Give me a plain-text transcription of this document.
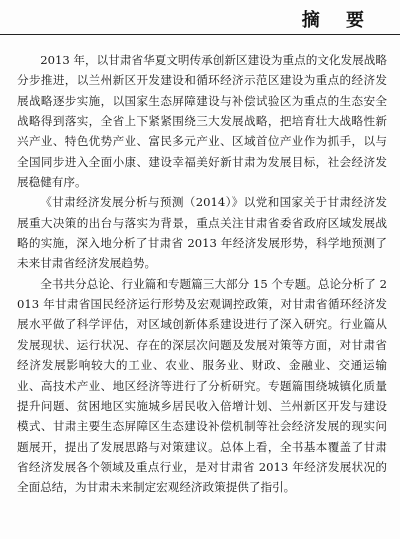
摘 要

2013 年，以甘肃省华夏文明传承创新区建设为重点的文化发展战略分步推进，以兰州新区开发建设和循环经济示范区建设为重点的经济发展战略逐步实施，以国家生态屏障建设与补偿试验区为重点的生态安全战略得到落实，全省上下紧紧围绕三大发展战略，把培育壮大战略性新兴产业、特色优势产业、富民多元产业、区域首位产业作为抓手，以与全国同步进入全面小康、建设幸福美好新甘肃为发展目标，社会经济发展稳健有序。

《甘肃经济发展分析与预测（2014）》以党和国家关于甘肃经济发展重大决策的出台与落实为背景，重点关注甘肃省委省政府区域发展战略的实施，深入地分析了甘肃省 2013 年经济发展形势，科学地预测了未来甘肃省经济发展趋势。

全书共分总论、行业篇和专题篇三大部分 15 个专题。总论分析了 2013 年甘肃省国民经济运行形势及宏观调控政策，对甘肃省循环经济发展水平做了科学评估，对区域创新体系建设进行了深入研究。行业篇从发展现状、运行状况、存在的深层次问题及发展对策等方面，对甘肃省经济发展影响较大的工业、农业、服务业、财政、金融业、交通运输业、高技术产业、地区经济等进行了分析研究。专题篇围绕城镇化质量提升问题、贫困地区实施城乡居民收入倍增计划、兰州新区开发与建设模式、甘肃主要生态屏障区生态建设补偿机制等社会经济发展的现实问题展开，提出了发展思路与对策建议。总体上看，全书基本覆盖了甘肃省经济发展各个领域及重点行业，是对甘肃省 2013 年经济发展状况的全面总结，为甘肃未来制定宏观经济政策提供了指引。
